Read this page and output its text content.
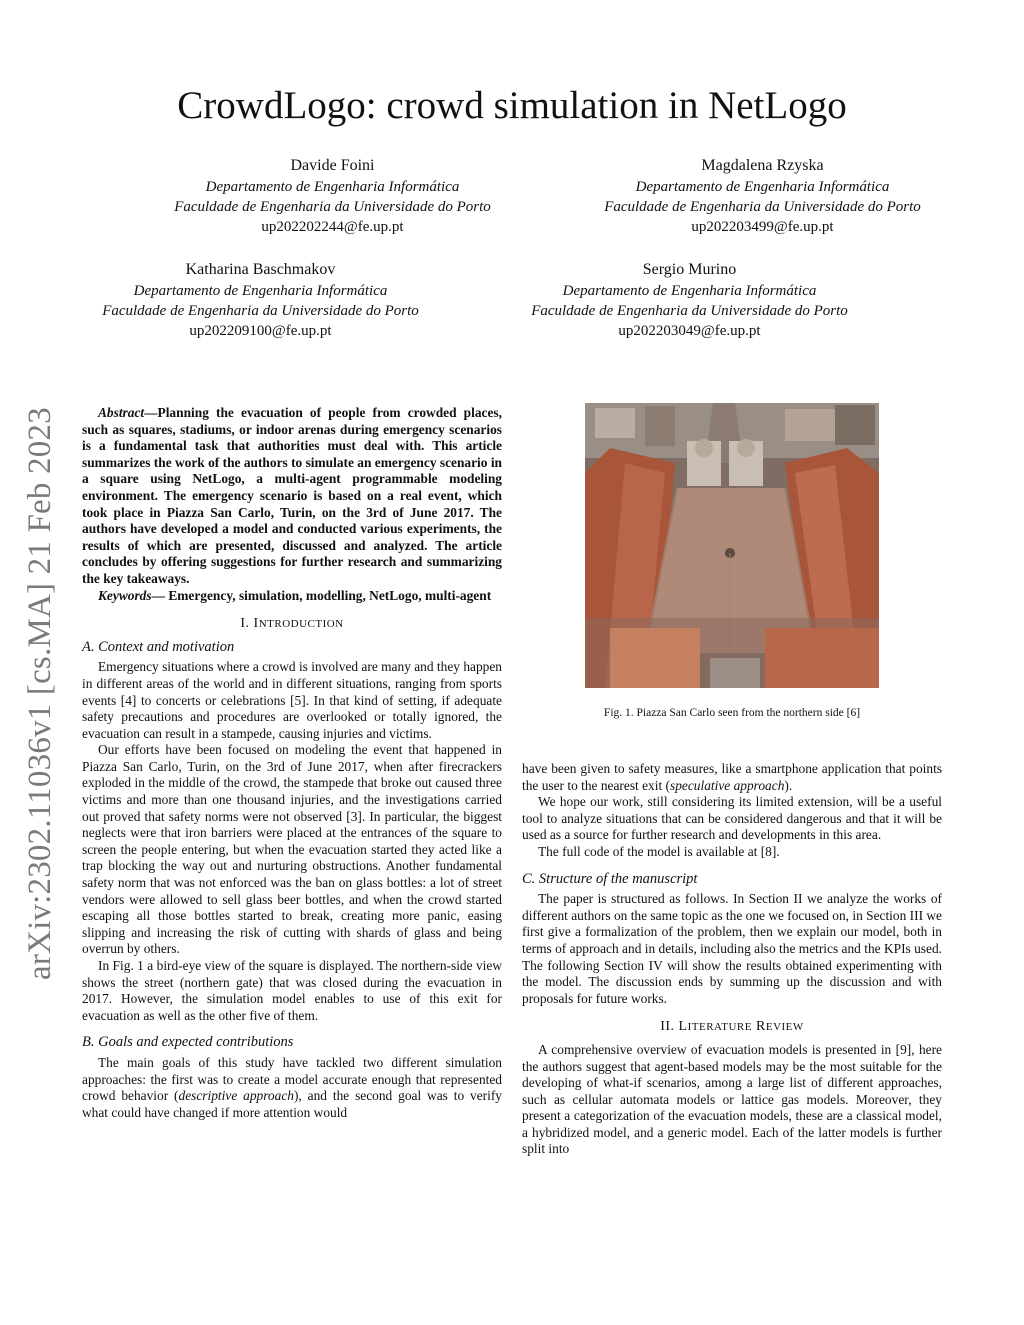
CrowdLogo: crowd simulation in NetLogo
arXiv:2302.11036v1 [cs.MA] 21 Feb 2023
Davide Foini
Departamento de Engenharia Informática
Faculdade de Engenharia da Universidade do Porto
up202202244@fe.up.pt
Magdalena Rzyska
Departamento de Engenharia Informática
Faculdade de Engenharia da Universidade do Porto
up202203499@fe.up.pt
Katharina Baschmakov
Departamento de Engenharia Informática
Faculdade de Engenharia da Universidade do Porto
up202209100@fe.up.pt
Sergio Murino
Departamento de Engenharia Informática
Faculdade de Engenharia da Universidade do Porto
up202203049@fe.up.pt

Abstract—Planning the evacuation of people from crowded places, such as squares, stadiums, or indoor arenas during emergency scenarios is a fundamental task that authorities must deal with. This article summarizes the work of the authors to simulate an emergency scenario in a square using NetLogo, a multi-agent programmable modeling environment. The emergency scenario is based on a real event, which took place in Piazza San Carlo, Turin, on the 3rd of June 2017. The authors have developed a model and conducted various experiments, the results of which are presented, discussed and analyzed. The article concludes by offering suggestions for further research and summarizing the key takeaways.

Keywords— Emergency, simulation, modelling, NetLogo, multi-agent

I. INTRODUCTION
A. Context and motivation

Emergency situations where a crowd is involved are many and they happen in different areas of the world and in different situations, ranging from sports events [4] to concerts or celebrations [5]. In that kind of setting, if adequate safety precautions and procedures are overlooked or totally ignored, the evacuation can result in a stampede, causing injuries and victims.

Our efforts have been focused on modeling the event that happened in Piazza San Carlo, Turin, on the 3rd of June 2017, when after firecrackers exploded in the middle of the crowd, the stampede that broke out caused three victims and more than one thousand injuries, and the investigations carried out proved that safety norms were not observed [3]. In particular, the biggest neglects were that iron barriers were placed at the entrances of the square to screen the people entering, but when the evacuation started they acted like a trap blocking the way out and nurturing obstructions. Another fundamental safety norm that was not enforced was the ban on glass bottles: a lot of street vendors were allowed to sell glass beer bottles, and when the crowd started escaping all those bottles started to break, creating more panic, easing slipping and increasing the risk of cutting with shards of glass and being overrun by others.

In Fig. 1 a bird-eye view of the square is displayed. The northern-side view shows the street (northern gate) that was closed during the evacuation in 2017. However, the simulation model enables to use of this exit for evacuation as well as the other five of them.

B. Goals and expected contributions

The main goals of this study have tackled two different simulation approaches: the first was to create a model accurate enough that represented crowd behavior (descriptive approach), and the second goal was to verify what could have changed if more attention would

Fig. 1. Piazza San Carlo seen from the northern side [6]

have been given to safety measures, like a smartphone application that points the user to the nearest exit (speculative approach).

We hope our work, still considering its limited extension, will be a useful tool to analyze situations that can be considered dangerous and that it will be used as a source for further research and developments in this area.

The full code of the model is available at [8].

C. Structure of the manuscript

The paper is structured as follows. In Section II we analyze the works of different authors on the same topic as the one we focused on, in Section III we first give a formalization of the problem, then we explain our model, both in terms of approach and in details, including also the metrics and the KPIs used. The following Section IV will show the results obtained experimenting with the model. The discussion ends by summing up the discussion and with proposals for future works.

II. LITERATURE REVIEW

A comprehensive overview of evacuation models is presented in [9], here the authors suggest that agent-based models may be the most suitable for the developing of what-if scenarios, among a large list of different approaches, such as cellular automata models or lattice gas models. Moreover, they present a categorization of the evacuation models, these are a classical model, a hybridized model, and a generic model. Each of the latter models is further split into
